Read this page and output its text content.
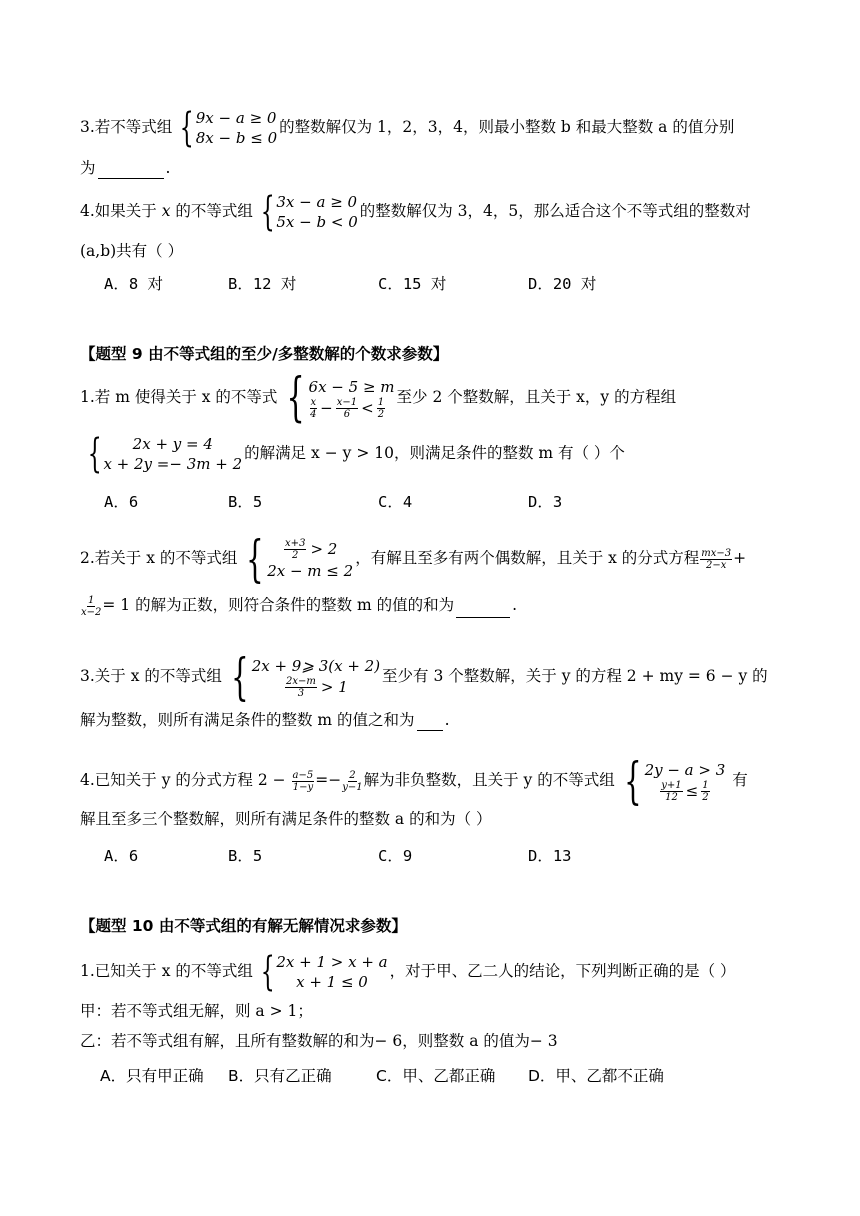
3.若不等式组 { 9x − a ≥ 0
8x − b ≤ 0
的整数解仅为 1，2，3，4，则最小整数 b 和最大整数 a 的值分别
为	.
4.如果关于 x 的不等式组 { 3x − a ≥ 0
5x − b < 0
的整数解仅为 3，4，5，那么适合这个不等式组的整数对
(a,b)共有（ ）
A．8 对	B．12 对	C．15 对	D．20 对
【题型 9 由不等式组的至少/多整数解的个数求参数】
1.若 m 使得关于 x 的不等式 { 6x − 5 ≥ m
$\frac{x}{4} - \frac{x-1}{6} < \frac{1}{2}$ 至少 2 个整数解，且关于 x，y 的方程组
{ 2x + y = 4
x + 2y =− 3m + 2
的解满足 x − y > 10，则满足条件的整数 m 有（ ）个
A．6	B．5	C．4	D．3
2.若关于 x 的不等式组 { $\frac{x+3}{2} > 2$
2x − m ≤ 2
，有解且至多有两个偶数解，且关于 x 的分式方程 $\frac{mx-3}{2-x}$ +
$\frac{1}{x-2} = 1$ 的解为正数，则符合条件的整数 m 的值的和为	.
3.关于 x 的不等式组 { 2x + 9⩾ 3(x + 2)
$\frac{2x-m}{3} > 1$
至少有 3 个整数解，关于 y 的方程 2 + my = 6 − y 的
解为整数，则所有满足条件的整数 m 的值之和为 .
4.已知关于 y 的分式方程 $2 - \frac{a-5}{1-y} =- \frac{2}{y-1}$ 解为非负整数，且关于 y 的不等式组 { 2y − a > 3
$\frac{y+1}{12} \le \frac{1}{2}$ 有
解且至多三个整数解，则所有满足条件的整数 a 的和为（ ）
A．6	B．5	C．9	D．13
【题型 10 由不等式组的有解无解情况求参数】
1.已知关于 x 的不等式组 { 2x + 1 > x + a
x + 1 ≤ 0
，对于甲、乙二人的结论，下列判断正确的是（ ）
甲：若不等式组无解，则 a > 1；
乙：若不等式组有解，且所有整数解的和为− 6，则整数 a 的值为− 3
A．只有甲正确 B．只有乙正确	C．甲、乙都正确 D．甲、乙都不正确
